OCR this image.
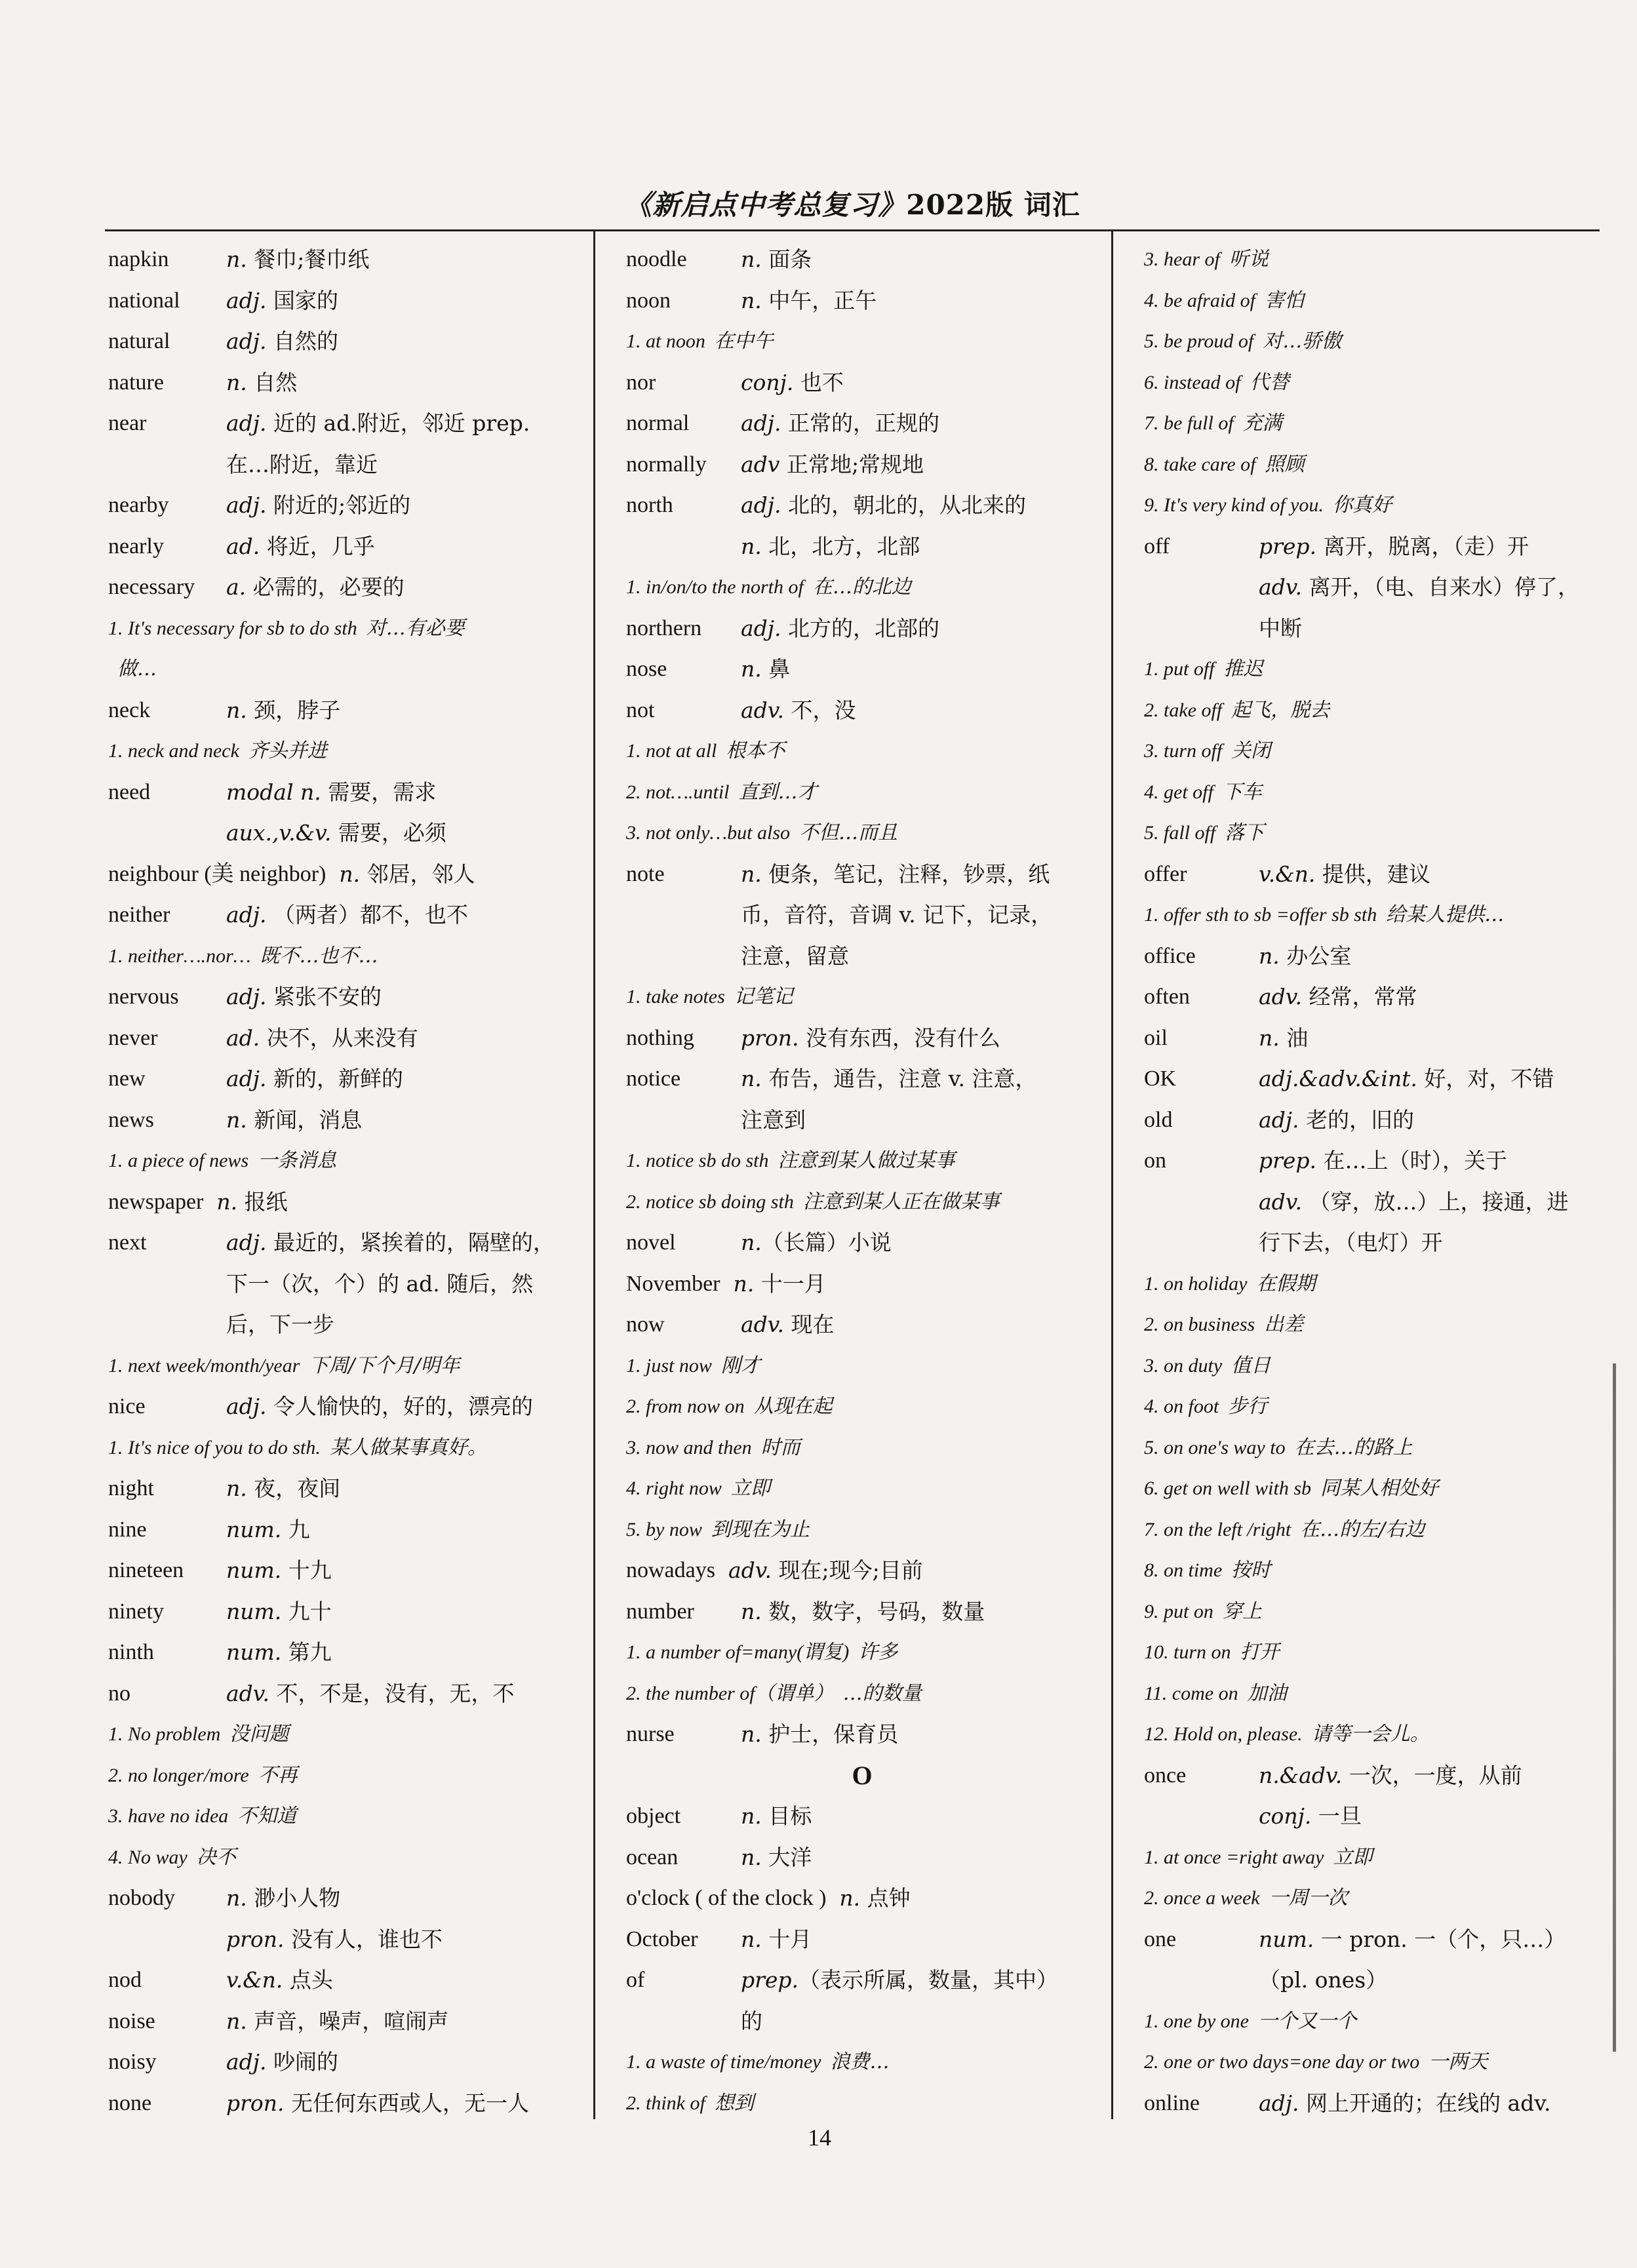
《新启点中考总复习》2022版 词汇
napkin	n. 餐巾;餐巾纸
national adj. 国家的
natural	adj. 自然的
nature	n. 自然
near	adj. 近的 ad.附近，邻近 prep.
在…附近，靠近
nearby	adj. 附近的;邻近的
nearly	ad. 将近，几乎
necessary a. 必需的，必要的
1. It's necessary for sb to do sth 对…有必要
做…
neck	n. 颈，脖子
1. neck and neck 齐头并进
need	modal n. 需要，需求
aux.,v.&v. 需要，必须
neighbour (美 neighbor) n. 邻居，邻人
neither	adj. （两者）都不，也不
1. neither….nor… 既不…也不…
nervous adj. 紧张不安的
never	ad. 决不，从来没有
new	adj. 新的，新鲜的
news	n. 新闻，消息
1. a piece of news 一条消息
newspaper n. 报纸
next	adj. 最近的，紧挨着的，隔壁的，
下一（次，个）的 ad. 随后，然
后，下一步
1. next week/month/year 下周/下个月/明年
nice	adj. 令人愉快的，好的，漂亮的
1. It's nice of you to do sth. 某人做某事真好。
night	n. 夜，夜间
nine	num. 九
nineteen num. 十九
ninety	num. 九十
ninth	num. 第九
no	adv. 不，不是，没有，无，不
1. No problem 没问题
2. no longer/more 不再
3. have no idea 不知道
4. No way 决不
nobody n. 渺小人物
pron. 没有人，谁也不
nod	v.&n. 点头
noise	n. 声音，噪声，喧闹声
noisy	adj. 吵闹的
none	pron. 无任何东西或人，无一人
noodle n. 面条
noon	n. 中午，正午
1. at noon 在中午
nor	conj. 也不
normal adj. 正常的，正规的
normally adv 正常地;常规地
north	adj. 北的，朝北的，从北来的
n. 北，北方，北部
1. in/on/to the north of 在…的北边
northern adj. 北方的，北部的
nose	n. 鼻
not	adv. 不，没
1. not at all 根本不
2. not….until 直到…才
3. not only…but also 不但…而且
note	n. 便条，笔记，注释，钞票，纸
币，音符，音调 v. 记下，记录，
注意，留意
1. take notes 记笔记
nothing pron. 没有东西，没有什么
notice	n. 布告，通告，注意 v. 注意，
注意到
1. notice sb do sth 注意到某人做过某事
2. notice sb doing sth 注意到某人正在做某事
novel	n.（长篇）小说
November n. 十一月
now	adv. 现在
1. just now 刚才
2. from now on 从现在起
3. now and then 时而
4. right now 立即
5. by now 到现在为止
nowadays adv. 现在;现今;目前
number n. 数，数字，号码，数量
1. a number of=many(谓复) 许多
2. the number of（谓单） …的数量
nurse	n. 护士，保育员
O
object	n. 目标
ocean	n. 大洋
o'clock ( of the clock ) n. 点钟
October n. 十月
of	prep.（表示所属，数量，其中）
的
1. a waste of time/money 浪费…
2. think of 想到
3. hear of 听说
4. be afraid of 害怕
5. be proud of 对…骄傲
6. instead of 代替
7. be full of 充满
8. take care of 照顾
9. It's very kind of you. 你真好
off	prep. 离开，脱离，（走）开
adv. 离开，（电、自来水）停了，
中断
1. put off 推迟
2. take off 起飞，脱去
3. turn off 关闭
4. get off 下车
5. fall off 落下
offer	v.&n. 提供，建议
1. offer sth to sb =offer sb sth 给某人提供…
office	n. 办公室
often	adv. 经常，常常
oil	n. 油
OK	adj.&adv.&int. 好，对，不错
old	adj. 老的，旧的
on	prep. 在…上（时），关于
adv. （穿，放…）上，接通，进
行下去，（电灯）开
1. on holiday 在假期
2. on business 出差
3. on duty 值日
4. on foot 步行
5. on one's way to 在去…的路上
6. get on well with sb 同某人相处好
7. on the left /right 在…的左/右边
8. on time 按时
9. put on 穿上
10. turn on 打开
11. come on 加油
12. Hold on, please. 请等一会儿。
once	n.&adv. 一次，一度，从前
conj. 一旦
1. at once =right away 立即
2. once a week 一周一次
one	num. 一 pron. 一（个，只…）
（pl. ones）
1. one by one 一个又一个
2. one or two days=one day or two 一两天
online	adj. 网上开通的；在线的 adv.
14
